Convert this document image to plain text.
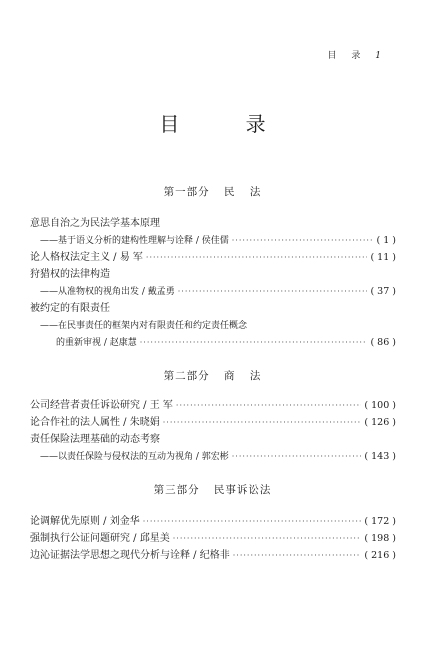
目 录 1
目 录
第一部分 民 法
意思自治之为民法学基本原理
——基于语义分析的建构性理解与诠释 / 侯佳儒 ·····	( 1 )
论人格权法定主义 / 易 军 ·····	( 11 )
狩猎权的法律构造
——从准物权的视角出发 / 戴孟勇 ·····	( 37 )
被约定的有限责任
——在民事责任的框架内对有限责任和约定责任概念
的重新审视 / 赵康慧 ·····	( 86 )
第二部分 商 法
公司经营者责任诉讼研究 / 王 军 ·····	( 100 )
论合作社的法人属性 / 朱晓娟 ·····	( 126 )
责任保险法理基础的动态考察
——以责任保险与侵权法的互动为视角 / 郭宏彬 ·····	( 143 )
第三部分 民事诉讼法
论调解优先原则 / 刘金华 ·····	( 172 )
强制执行公证问题研究 / 邱星美 ·····	( 198 )
边沁证据法学思想之现代分析与诠释 / 纪格非 ·····	( 216 )
